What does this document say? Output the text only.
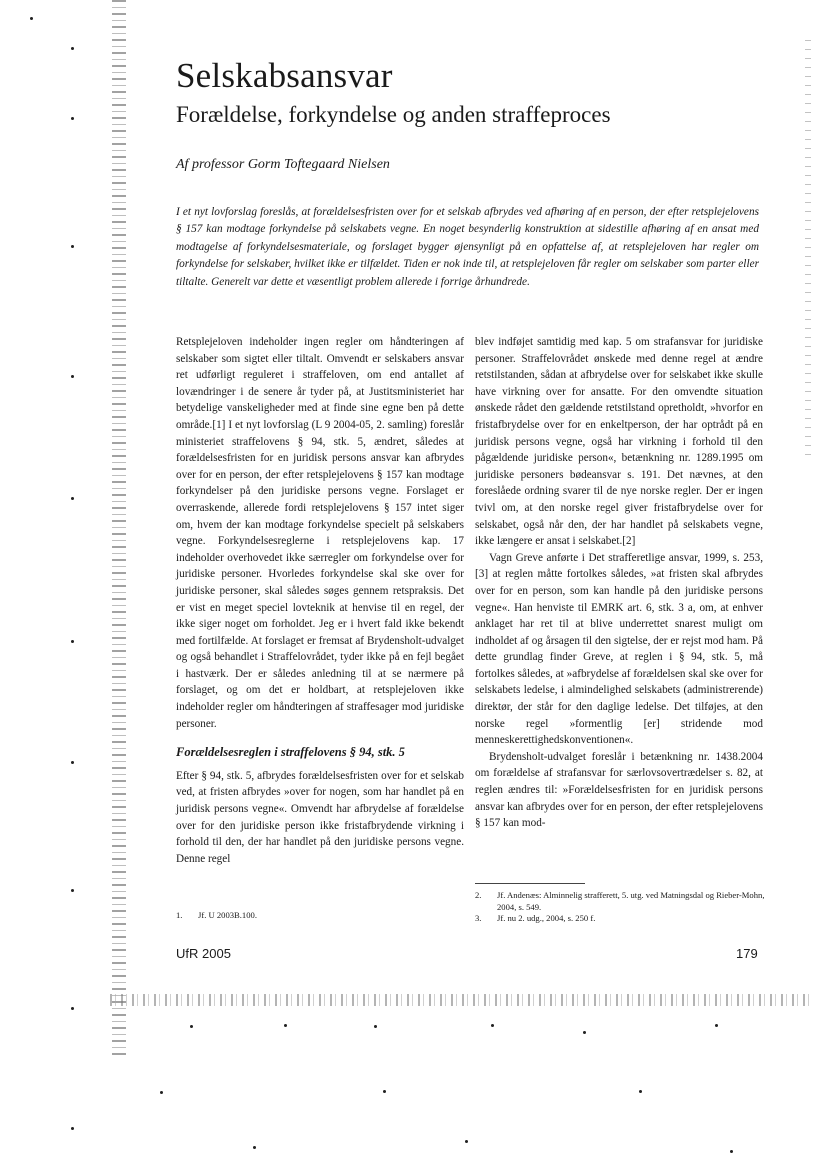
Selskabsansvar
Forældelse, forkyndelse og anden straffeproces

Af professor Gorm Toftegaard Nielsen

I et nyt lovforslag foreslås, at forældelsesfristen over for et selskab afbrydes ved afhøring af en person, der efter retsplejelovens § 157 kan modtage forkyndelse på selskabets vegne. En noget besynderlig konstruktion at sidestille afhøring af en ansat med modtagelse af forkyndelsesmateriale, og forslaget bygger øjensynligt på en opfattelse af, at retsplejeloven har regler om forkyndelse for selskaber, hvilket ikke er tilfældet. Tiden er nok inde til, at retsplejeloven får regler om selskaber som parter eller tiltalte. Generelt var dette et væsentligt problem allerede i forrige århundrede.

Retsplejeloven indeholder ingen regler om håndteringen af selskaber som sigtet eller tiltalt. Omvendt er selskabers ansvar ret udførligt reguleret i straffeloven, om end antallet af lovændringer i de senere år tyder på, at Justitsministeriet har betydelige vanskeligheder med at finde sine egne ben på dette område.[1] I et nyt lovforslag (L 9 2004-05, 2. samling) foreslår ministeriet straffelovens § 94, stk. 5, ændret, således at forældelsesfristen for en juridisk persons ansvar kan afbrydes over for en person, der efter retsplejelovens § 157 kan modtage forkyndelser på den juridiske persons vegne. Forslaget er overraskende, allerede fordi retsplejelovens § 157 intet siger om, hvem der kan modtage forkyndelse specielt på selskabers vegne. Forkyndelsesreglerne i retsplejelovens kap. 17 indeholder overhovedet ikke særregler om forkyndelse over for juridiske personer. Hvorledes forkyndelse skal ske over for juridiske personer, skal således søges gennem retspraksis. Det er vist en meget speciel lovteknik at henvise til en regel, der ikke siger noget om forholdet. Jeg er i hvert fald ikke bekendt med fortilfælde. At forslaget er fremsat af Brydensholt-udvalget og også behandlet i Straffelovrådet, tyder ikke på en fejl begået i hastværk. Der er således anledning til at se nærmere på forslaget, og om det er holdbart, at retsplejeloven ikke indeholder regler om håndteringen af straffesager mod juridiske personer.

Forældelsesreglen i straffelovens § 94, stk. 5

Efter § 94, stk. 5, afbrydes forældelsesfristen over for et selskab ved, at fristen afbrydes »over for nogen, som har handlet på en juridisk persons vegne«. Omvendt har afbrydelse af forældelse over for den juridiske person ikke fristafbrydende virkning i forhold til den, der har handlet på den juridiske persons vegne. Denne regel

blev indføjet samtidig med kap. 5 om strafansvar for juridiske personer. Straffelovrådet ønskede med denne regel at ændre retstilstanden, sådan at afbrydelse over for selskabet ikke skulle have virkning over for ansatte. For den omvendte situation ønskede rådet den gældende retstilstand opretholdt, »hvorfor en fristafbrydelse over for en enkeltperson, der har optrådt på en juridisk persons vegne, også har virkning i forhold til den pågældende juridiske person«, betænkning nr. 1289.1995 om juridiske personers bødeansvar s. 191. Det nævnes, at den foreslåede ordning svarer til de nye norske regler. Der er ingen tvivl om, at den norske regel giver fristafbrydelse over for selskabet, også når den, der har handlet på selskabets vegne, ikke længere er ansat i selskabet.[2]

Vagn Greve anførte i Det strafferetlige ansvar, 1999, s. 253,[3] at reglen måtte fortolkes således, »at fristen skal afbrydes over for en person, som kan handle på den juridiske persons vegne«. Han henviste til EMRK art. 6, stk. 3 a, om, at enhver anklaget har ret til at blive underrettet snarest muligt om indholdet af og årsagen til den sigtelse, der er rejst mod ham. På dette grundlag finder Greve, at reglen i § 94, stk. 5, må fortolkes således, at »afbrydelse af forældelsen skal ske over for selskabets ledelse, i almindelighed selskabets (administrerende) direktør, der står for den daglige ledelse. Det tilføjes, at den norske regel »formentlig [er] stridende mod menneskerettighedskonventionen«.

Brydensholt-udvalget foreslår i betænkning nr. 1438.2004 om forældelse af strafansvar for særlovsovertrædelser s. 82, at reglen ændres til: »Forældelsesfristen for en juridisk persons ansvar kan afbrydes over for en person, der efter retsplejelovens § 157 kan mod-

1.	Jf. U 2003B.100.
2.	Jf. Andenæs: Alminnelig strafferett, 5. utg. ved Matningsdal og Rieber-Mohn, 2004, s. 549.
3.	Jf. nu 2. udg., 2004, s. 250 f.
UfR 2005	179
